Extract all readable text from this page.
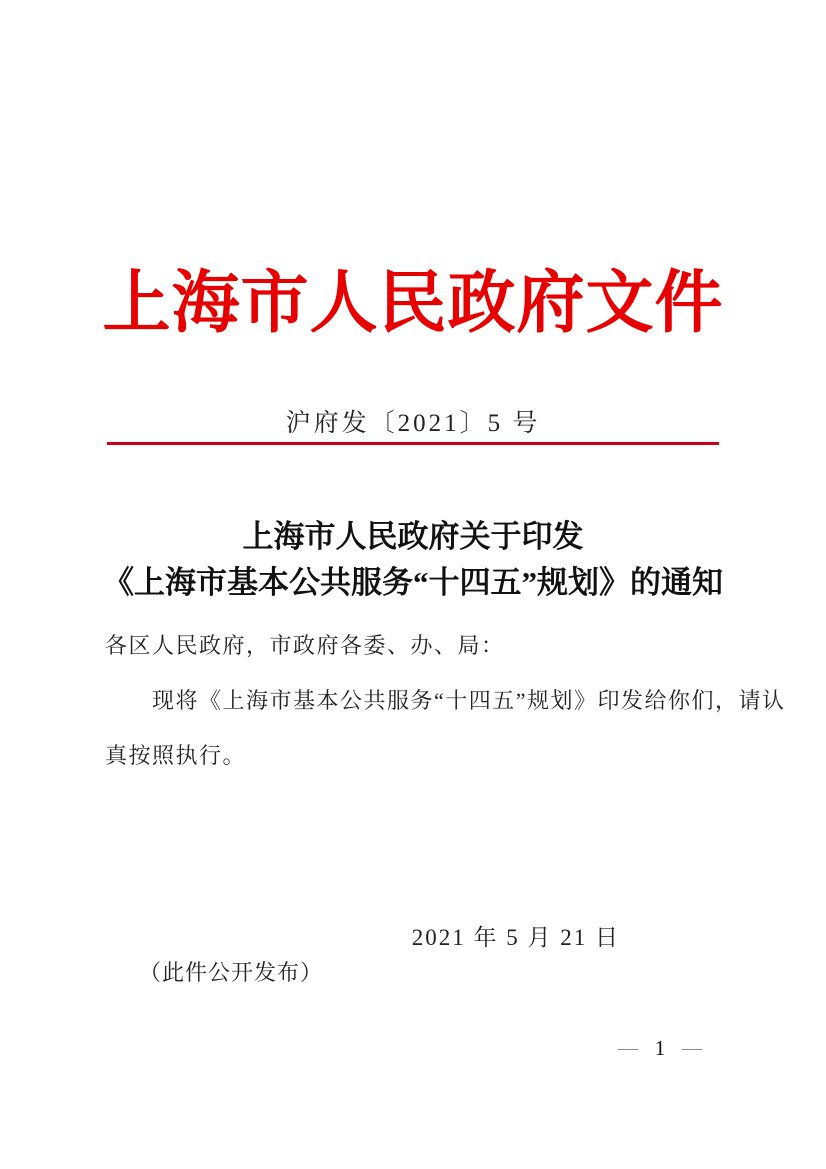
上海市人民政府文件
沪府发〔2021〕5 号
上海市人民政府关于印发
《上海市基本公共服务“十四五”规划》的通知

各区人民政府，市政府各委、办、局：

现将《上海市基本公共服务“十四五”规划》印发给你们，请认

真按照执行。

2021 年 5 月 21 日
（此件公开发布）
— 1 —
